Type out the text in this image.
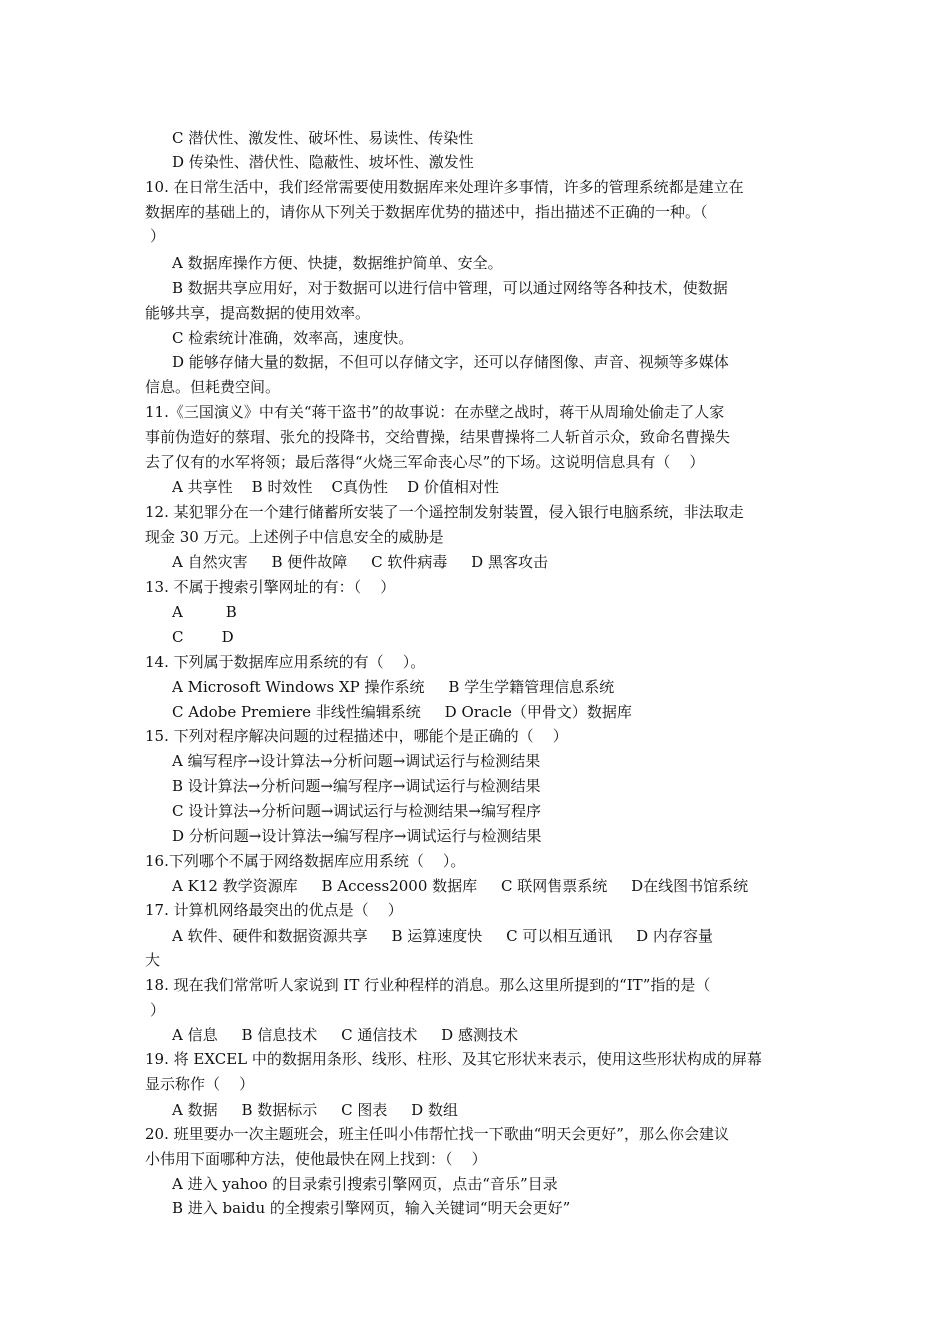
C 潜伏性、激发性、破坏性、易读性、传染性
D 传染性、潜伏性、隐蔽性、坡坏性、激发性
10. 在日常生活中，我们经常需要使用数据库来处理许多事情，许多的管理系统都是建立在
数据库的基础上的，请你从下列关于数据库优势的描述中，指出描述不正确的一种。（
）
A 数据库操作方便、快捷，数据维护简单、安全。
B 数据共享应用好，对于数据可以进行信中管理，可以通过网络等各种技术，使数据
能够共享，提高数据的使用效率。
C 检索统计准确，效率高，速度快。
D 能够存储大量的数据，不但可以存储文字，还可以存储图像、声音、视频等多媒体
信息。但耗费空间。
11.《三国演义》中有关“蒋干盗书”的故事说：在赤壁之战时，蒋干从周瑜处偷走了人家
事前伪造好的蔡瑁、张允的投降书，交给曹操，结果曹操将二人斩首示众，致命名曹操失
去了仅有的水军将领；最后落得“火烧三军命丧心尽”的下场。这说明信息具有（    ）
A 共享性    B 时效性    C真伪性    D 价值相对性
12. 某犯罪分在一个建行储蓄所安装了一个遥控制发射装置，侵入银行电脑系统，非法取走
现金 30 万元。上述例子中信息安全的威胁是
A 自然灾害     B 便件故障     C 软件病毒     D 黑客攻击
13. 不属于搜索引擎网址的有：（    ）
A         B
C        D
14. 下列属于数据库应用系统的有（    ）。
A Microsoft Windows XP 操作系统     B 学生学籍管理信息系统
C Adobe Premiere 非线性编辑系统     D Oracle（甲骨文）数据库
15. 下列对程序解决问题的过程描述中，哪能个是正确的（    ）
A 编写程序→设计算法→分析问题→调试运行与检测结果
B 设计算法→分析问题→编写程序→调试运行与检测结果
C 设计算法→分析问题→调试运行与检测结果→编写程序
D 分析问题→设计算法→编写程序→调试运行与检测结果
16.下列哪个不属于网络数据库应用系统（    ）。
A K12 教学资源库     B Access2000 数据库     C 联网售票系统     D在线图书馆系统
17. 计算机网络最突出的优点是（    ）
A 软件、硬件和数据资源共享     B 运算速度快     C 可以相互通讯     D 内存容量
大
18. 现在我们常常听人家说到 IT 行业种程样的消息。那么这里所提到的“IT”指的是（
）
A 信息     B 信息技术     C 通信技术     D 感测技术
19. 将 EXCEL 中的数据用条形、线形、柱形、及其它形状来表示，使用这些形状构成的屏幕
显示称作（    ）
A 数据     B 数据标示     C 图表     D 数组
20. 班里要办一次主题班会，班主任叫小伟帮忙找一下歌曲“明天会更好”，那么你会建议
小伟用下面哪种方法，使他最快在网上找到：（    ）
A 进入 yahoo 的目录索引搜索引擎网页，点击“音乐”目录
B 进入 baidu 的全搜索引擎网页，输入关键词“明天会更好”
